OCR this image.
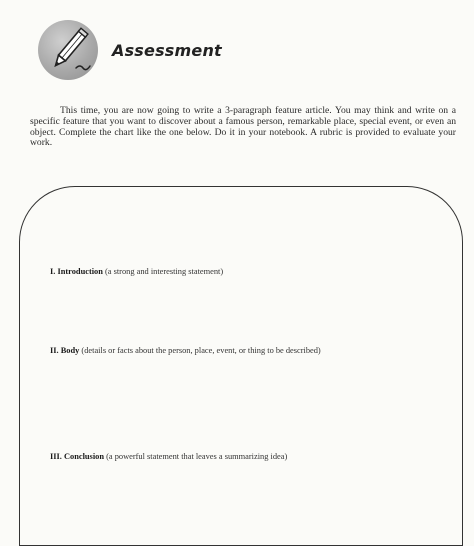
Assessment

This time, you are now going to write a 3-paragraph feature article. You may think and write on a specific feature that you want to discover about a famous person, remarkable place, special event, or even an object. Complete the chart like the one below. Do it in your notebook. A rubric is provided to evaluate your work.

I. Introduction (a strong and interesting statement)

II. Body (details or facts about the person, place, event, or thing to be described)

III. Conclusion (a powerful statement that leaves a summarizing idea)
